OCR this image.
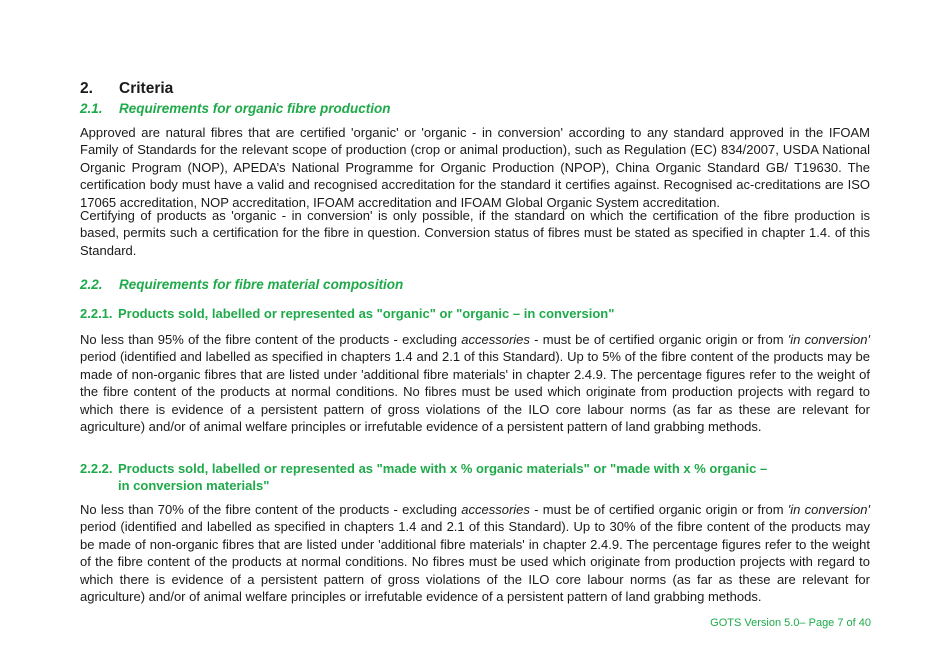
2. Criteria
2.1. Requirements for organic fibre production

Approved are natural fibres that are certified 'organic' or 'organic - in conversion' according to any standard approved in the IFOAM Family of Standards for the relevant scope of production (crop or animal production), such as Regulation (EC) 834/2007, USDA National Organic Program (NOP), APEDA’s National Programme for Organic Production (NPOP), China Organic Standard GB/ T19630. The certification body must have a valid and recognised accreditation for the standard it certifies against. Recognised ac-creditations are ISO 17065 accreditation, NOP accreditation, IFOAM accreditation and IFOAM Global Organic System accreditation.

Certifying of products as 'organic - in conversion' is only possible, if the standard on which the certification of the fibre production is based, permits such a certification for the fibre in question. Conversion status of fibres must be stated as specified in chapter 1.4. of this Standard.

2.2. Requirements for fibre material composition
2.2.1. Products sold, labelled or represented as "organic" or "organic – in conversion"

No less than 95% of the fibre content of the products - excluding accessories - must be of certified organic origin or from 'in conversion' period (identified and labelled as specified in chapters 1.4 and 2.1 of this Standard). Up to 5% of the fibre content of the products may be made of non-organic fibres that are listed under 'additional fibre materials' in chapter 2.4.9. The percentage figures refer to the weight of the fibre content of the products at normal conditions. No fibres must be used which originate from production projects with regard to which there is evidence of a persistent pattern of gross violations of the ILO core labour norms (as far as these are relevant for agriculture) and/or of animal welfare principles or irrefutable evidence of a persistent pattern of land grabbing methods.

2.2.2. Products sold, labelled or represented as "made with x % organic materials" or "made with x % organic –
in conversion materials"

No less than 70% of the fibre content of the products - excluding accessories - must be of certified organic origin or from 'in conversion' period (identified and labelled as specified in chapters 1.4 and 2.1 of this Standard). Up to 30% of the fibre content of the products may be made of non-organic fibres that are listed under 'additional fibre materials' in chapter 2.4.9. The percentage figures refer to the weight of the fibre content of the products at normal conditions. No fibres must be used which originate from production projects with regard to which there is evidence of a persistent pattern of gross violations of the ILO core labour norms (as far as these are relevant for agriculture) and/or of animal welfare principles or irrefutable evidence of a persistent pattern of land grabbing methods.

GOTS Version 5.0– Page 7 of 40
